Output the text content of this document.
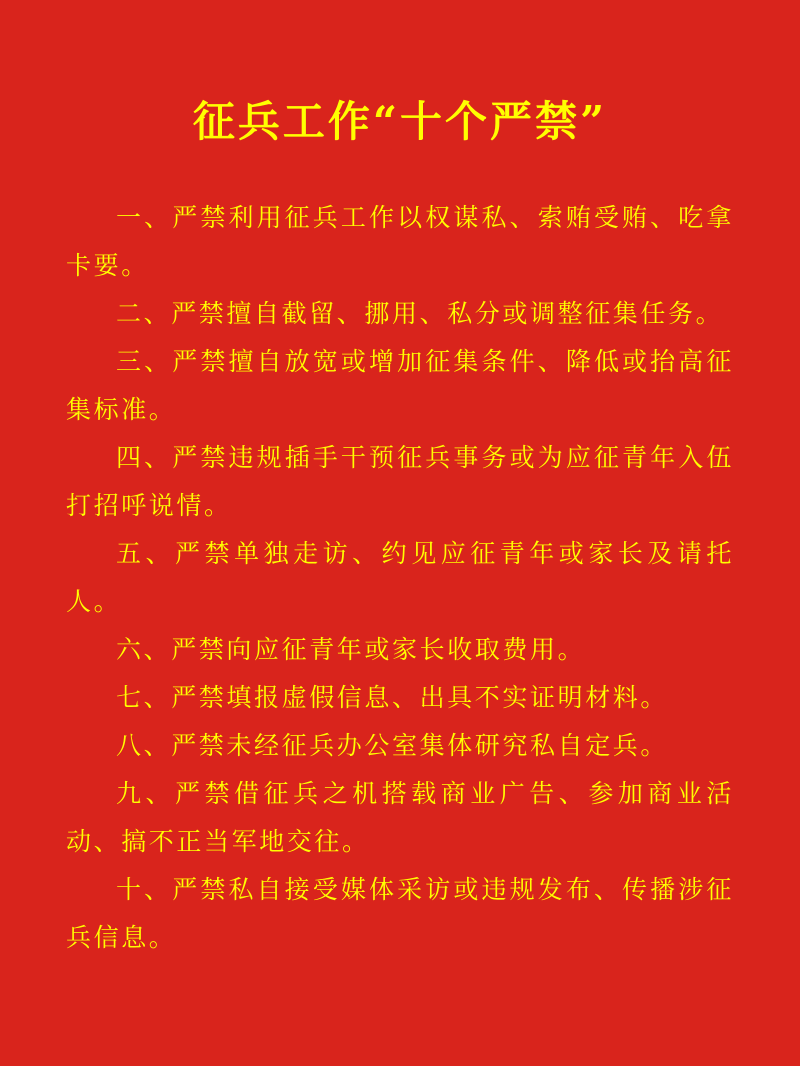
征兵工作“十个严禁”

一、严禁利用征兵工作以权谋私、索贿受贿、吃拿卡要。

二、严禁擅自截留、挪用、私分或调整征集任务。

三、严禁擅自放宽或增加征集条件、降低或抬高征集标准。

四、严禁违规插手干预征兵事务或为应征青年入伍打招呼说情。

五、严禁单独走访、约见应征青年或家长及请托人。

六、严禁向应征青年或家长收取费用。

七、严禁填报虚假信息、出具不实证明材料。

八、严禁未经征兵办公室集体研究私自定兵。

九、严禁借征兵之机搭载商业广告、参加商业活动、搞不正当军地交往。

十、严禁私自接受媒体采访或违规发布、传播涉征兵信息。
